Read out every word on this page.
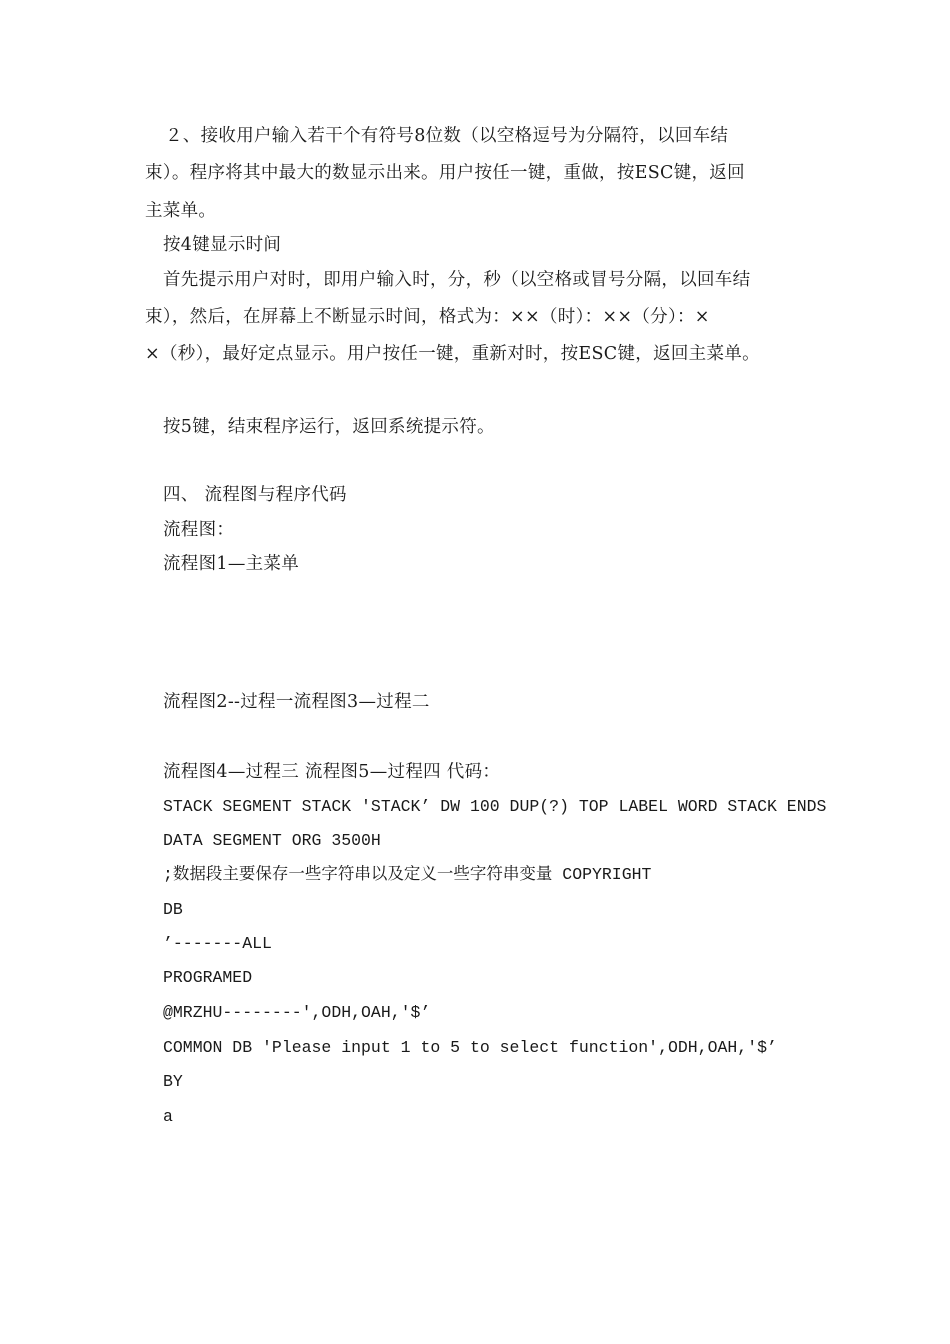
２、接收用户输入若干个有符号8位数（以空格逗号为分隔符，以回车结
束）。程序将其中最大的数显示出来。用户按任一键，重做，按ESC键，返回
主菜单。
按4键显示时间
首先提示用户对时，即用户输入时，分，秒（以空格或冒号分隔，以回车结
束），然后，在屏幕上不断显示时间，格式为：××（时）：××（分）：×
×（秒），最好定点显示。用户按任一键，重新对时，按ESC键，返回主菜单。
按5键，结束程序运行，返回系统提示符。
四、 流程图与程序代码
流程图：
流程图1—主菜单
流程图2--过程一流程图3—过程二
流程图4—过程三 流程图5—过程四 代码：
STACK SEGMENT STACK 'STACK’ DW 100 DUP(?) TOP LABEL WORD STACK ENDS
DATA SEGMENT ORG 3500H
;数据段主要保存一些字符串以及定义一些字符串变量 COPYRIGHT
DB
’-------ALL
PROGRAMED
@MRZHU--------',ODH,OAH,'$’
COMMON DB 'Please input 1 to 5 to select function',ODH,OAH,'$’
BY
a
